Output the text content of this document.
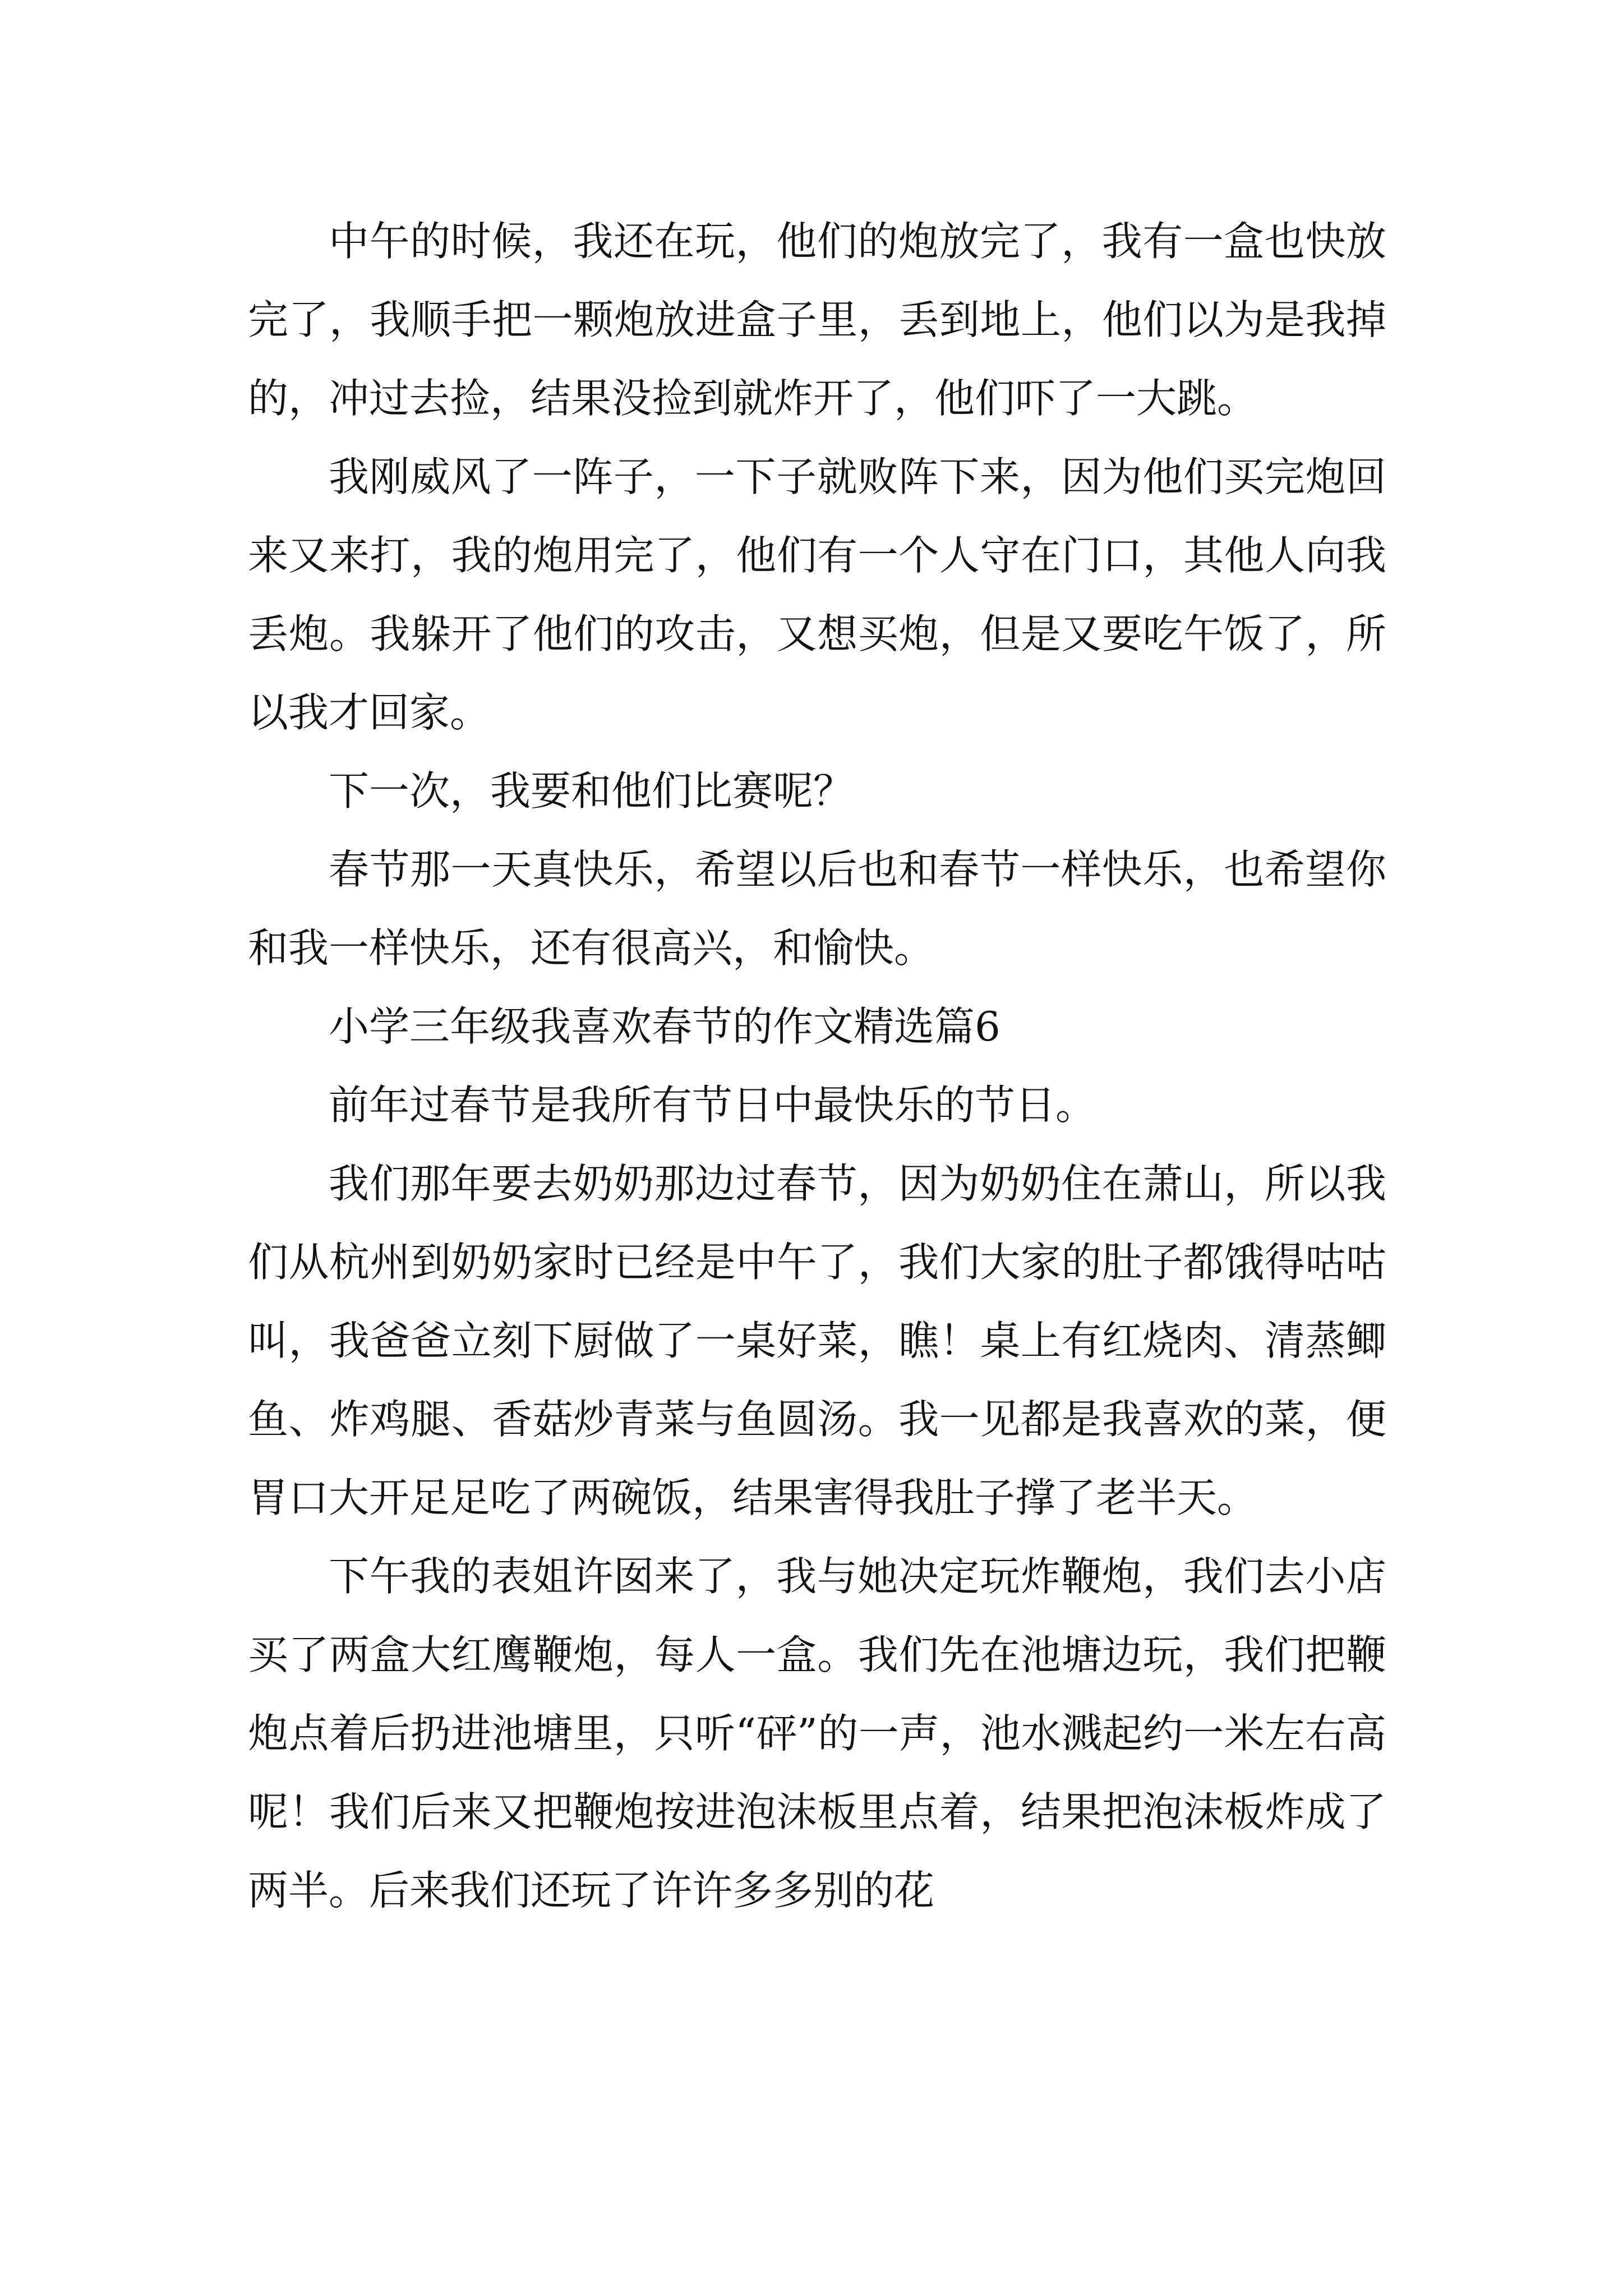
中午的时候，我还在玩，他们的炮放完了，我有一盒也快放完了，我顺手把一颗炮放进盒子里，丢到地上，他们以为是我掉的，冲过去捡，结果没捡到就炸开了，他们吓了一大跳。

我刚威风了一阵子，一下子就败阵下来，因为他们买完炮回来又来打，我的炮用完了，他们有一个人守在门口，其他人向我丢炮。我躲开了他们的攻击，又想买炮，但是又要吃午饭了，所以我才回家。

下一次，我要和他们比赛呢？

春节那一天真快乐，希望以后也和春节一样快乐，也希望你和我一样快乐，还有很高兴，和愉快。

小学三年级我喜欢春节的作文精选篇6

前年过春节是我所有节日中最快乐的节日。

我们那年要去奶奶那边过春节，因为奶奶住在萧山，所以我们从杭州到奶奶家时已经是中午了，我们大家的肚子都饿得咕咕叫，我爸爸立刻下厨做了一桌好菜，瞧！桌上有红烧肉、清蒸鲫鱼、炸鸡腿、香菇炒青菜与鱼圆汤。我一见都是我喜欢的菜，便胃口大开足足吃了两碗饭，结果害得我肚子撑了老半天。

下午我的表姐许囡来了，我与她决定玩炸鞭炮，我们去小店买了两盒大红鹰鞭炮，每人一盒。我们先在池塘边玩，我们把鞭炮点着后扔进池塘里，只听“砰”的一声，池水溅起约一米左右高呢！我们后来又把鞭炮按进泡沫板里点着，结果把泡沫板炸成了两半。后来我们还玩了许许多多别的花
